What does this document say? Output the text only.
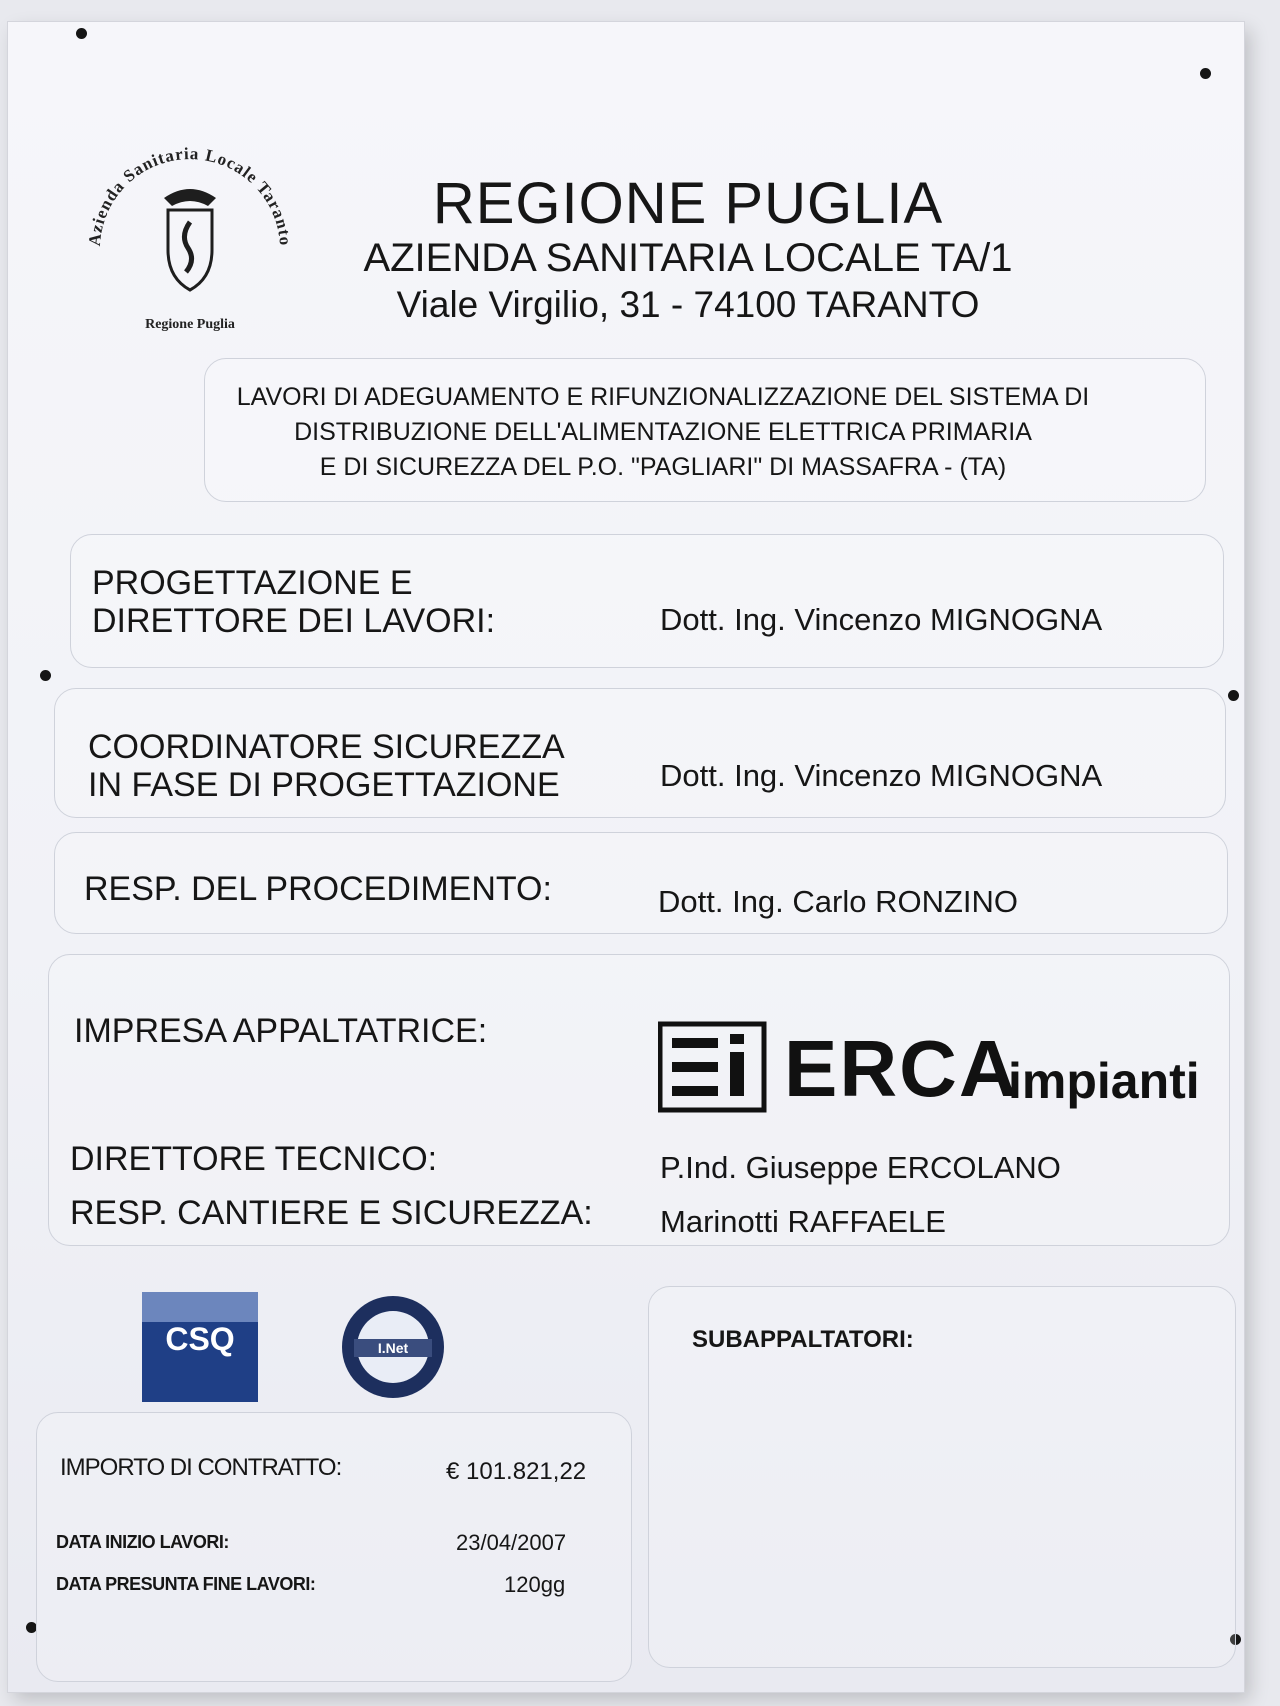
Azienda Sanitaria Locale Taranto
Regione Puglia
REGIONE PUGLIA
AZIENDA SANITARIA LOCALE TA/1
Viale Virgilio, 31 - 74100 TARANTO
LAVORI DI ADEGUAMENTO E RIFUNZIONALIZZAZIONE DEL SISTEMA DI
DISTRIBUZIONE DELL'ALIMENTAZIONE ELETTRICA PRIMARIA
E DI SICUREZZA DEL P.O. "PAGLIARI" DI MASSAFRA - (TA)
PROGETTAZIONE E
DIRETTORE DEI LAVORI:	Dott. Ing. Vincenzo MIGNOGNA
COORDINATORE SICUREZZA
IN FASE DI PROGETTAZIONE	Dott. Ing. Vincenzo MIGNOGNA
RESP. DEL PROCEDIMENTO:	Dott. Ing. Carlo RONZINO
IMPRESA APPALTATRICE:	ERCA
impianti
DIRETTORE TECNICO:	P.Ind. Giuseppe ERCOLANO
RESP. CANTIERE E SICUREZZA: Marinotti RAFFAELE
CSQ	I.Net
IMPORTO DI CONTRATTO:	€ 101.821,22
DATA INIZIO LAVORI:	23/04/2007
DATA PRESUNTA FINE LAVORI:	120gg
SUBAPPALTATORI:
